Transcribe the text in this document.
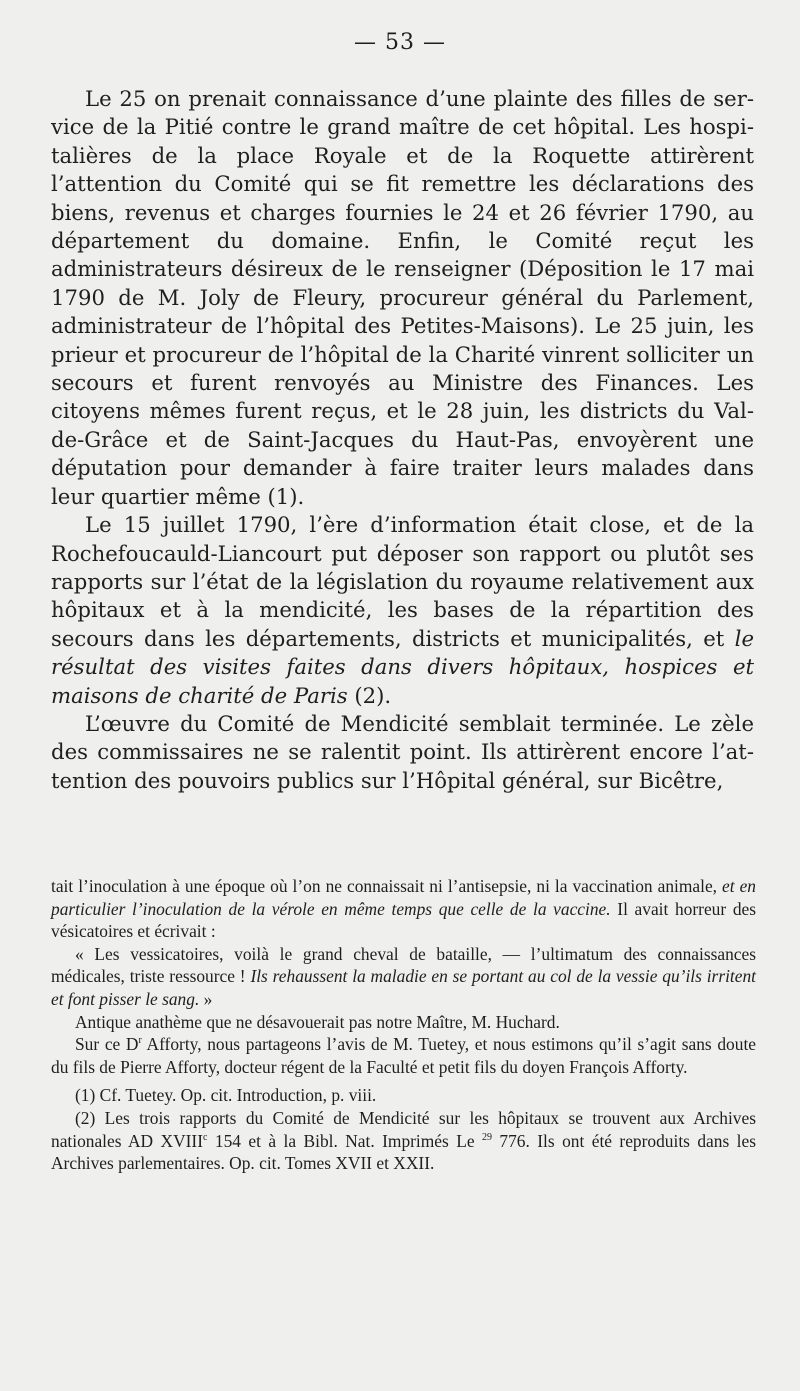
— 53 —

Le 25 on prenait connaissance d’une plainte des filles de service de la Pitié contre le grand maître de cet hôpital. Les hospitalières de la place Royale et de la Roquette attirèrent l’attention du Comité qui se fit remettre les déclarations des biens, revenus et charges fournies le 24 et 26 février 1790, au département du domaine. Enfin, le Comité reçut les administrateurs désireux de le renseigner (Déposition le 17 mai 1790 de M. Joly de Fleury, procureur général du Parlement, administrateur de l’hôpital des Petites-Maisons). Le 25 juin, les prieur et procureur de l’hôpital de la Charité vinrent solliciter un secours et furent renvoyés au Ministre des Finances. Les citoyens mêmes furent reçus, et le 28 juin, les districts du Val-de-Grâce et de Saint-Jacques du Haut-Pas, envoyèrent une députation pour demander à faire traiter leurs malades dans leur quartier même (1).

Le 15 juillet 1790, l’ère d’information était close, et de la Rochefoucauld-Liancourt put déposer son rapport ou plutôt ses rapports sur l’état de la législation du royaume relativement aux hôpitaux et à la mendicité, les bases de la répartition des secours dans les départements, districts et municipalités, et le résultat des visites faites dans divers hôpitaux, hospices et maisons de charité de Paris (2).

L’œuvre du Comité de Mendicité semblait terminée. Le zèle des commissaires ne se ralentit point. Ils attirèrent encore l’attention des pouvoirs publics sur l’Hôpital général, sur Bicêtre,

tait l’inoculation à une époque où l’on ne connaissait ni l’antisepsie, ni la vaccination animale, et en particulier l’inoculation de la vérole en même temps que celle de la vaccine. Il avait horreur des vésicatoires et écrivait :

« Les vessicatoires, voilà le grand cheval de bataille, — l’ultimatum des connaissances médicales, triste ressource ! Ils rehaussent la maladie en se portant au col de la vessie qu’ils irritent et font pisser le sang. »

Antique anathème que ne désavouerait pas notre Maître, M. Huchard.

Sur ce $D^r$ Afforty, nous partageons l’avis de M. Tuetey, et nous estimons qu’il s’agit sans doute du fils de Pierre Afforty, docteur régent de la Faculté et petit fils du doyen François Afforty.

(1) Cf. Tuetey. Op. cit. Introduction, p. viii.

(2) Les trois rapports du Comité de Mendicité sur les hôpitaux se trouvent aux Archives nationales AD XVIII$^c$ 154 et à la Bibl. Nat. Imprimés Le $^{29}$ 776. Ils ont été reproduits dans les Archives parlementaires. Op. cit. Tomes XVII et XXII.
